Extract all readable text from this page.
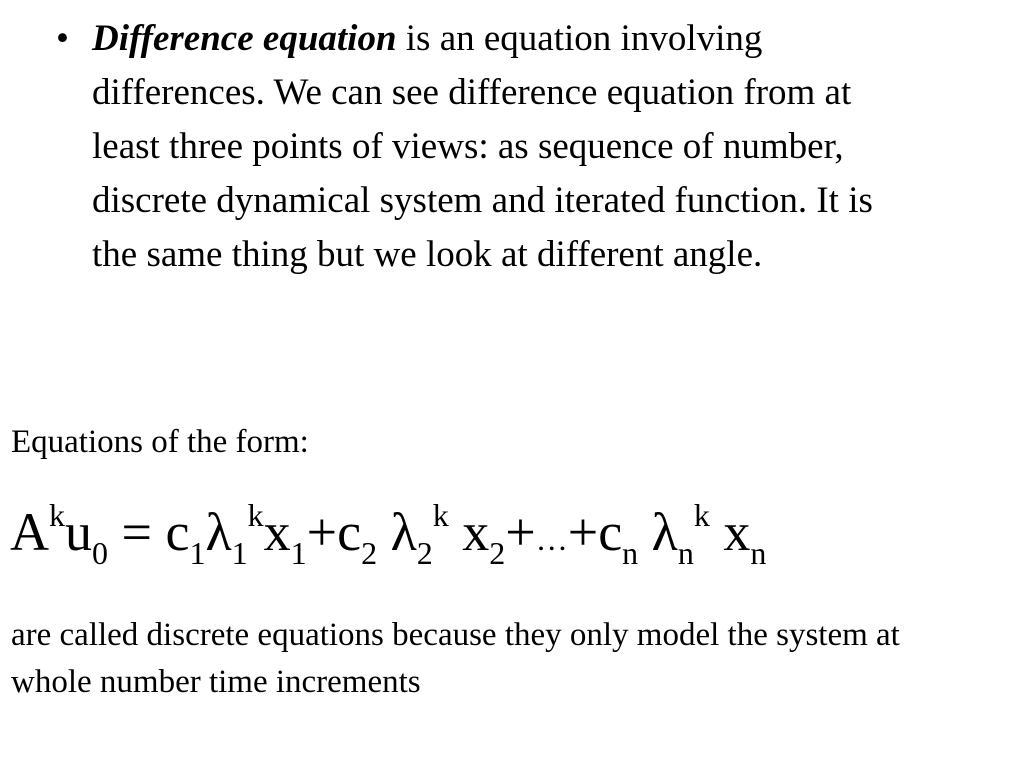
• Difference equation is an equation involving differences. We can see difference equation from at least three points of views: as sequence of number, discrete dynamical system and iterated function. It is the same thing but we look at different angle.
Equations of the form:
$A^ku_0 = c_1\lambda_1^kx_1+c_2$ $\lambda_2^k$ $x_2+\dots+c_n$ $\lambda_n^k$ $x_n$
are called discrete equations because they only model the system at whole number time increments
